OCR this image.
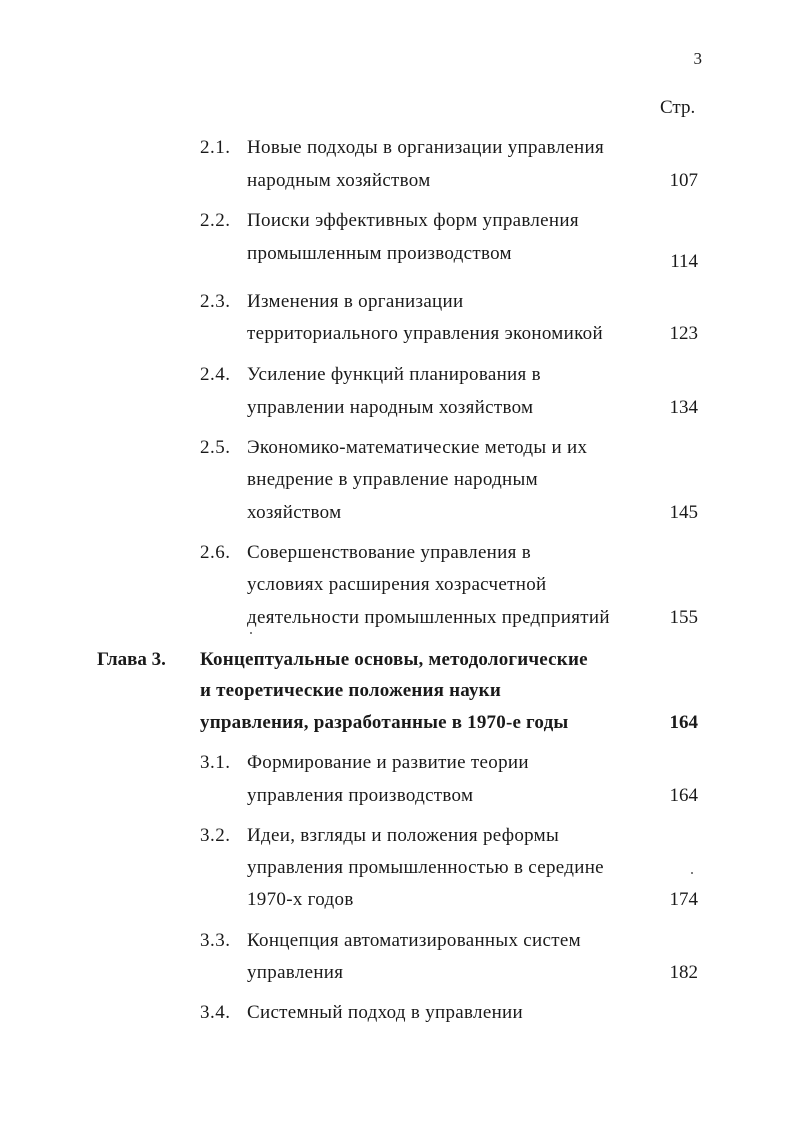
3
Стр.
2.1. Новые подходы в организации управления
народным хозяйством	107
2.2. Поиски эффективных форм управления
промышленным производством	114
2.3. Изменения в организации
территориального управления экономикой	123
2.4. Усиление функций планирования в
управлении народным хозяйством	134
2.5. Экономико-математические методы и их
внедрение в управление народным
хозяйством	145
2.6. Совершенствование управления в
условиях расширения хозрасчетной
деятельности промышленных предприятий	155
Глава 3. Концептуальные основы, методологические
и теоретические положения науки
управления, разработанные в 1970-е годы	164
3.1. Формирование и развитие теории
управления производством	164
3.2. Идеи, взгляды и положения реформы
управления промышленностью в середине
1970-х годов	174
3.3. Концепция автоматизированных систем
управления	182
3.4. Системный подход в управлении
